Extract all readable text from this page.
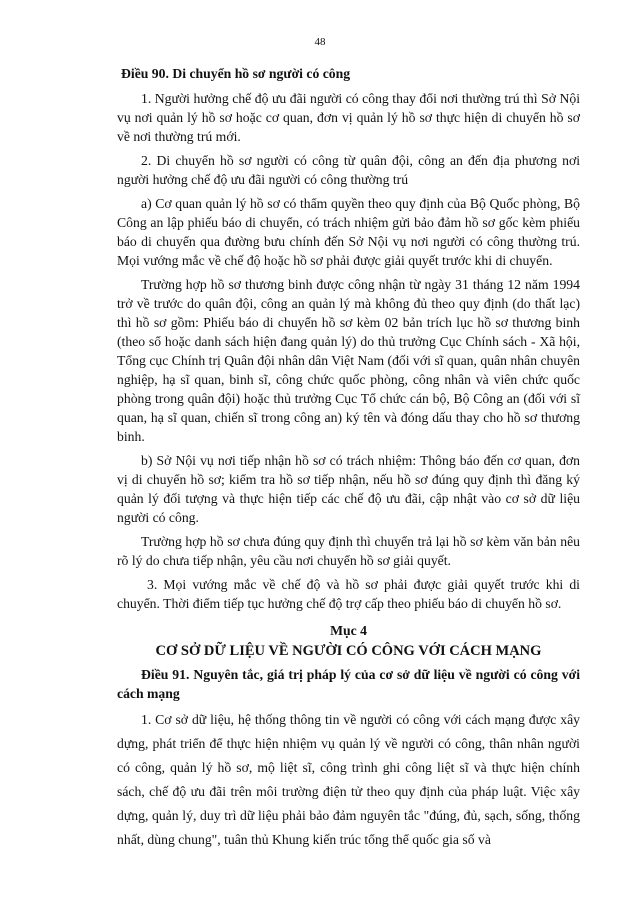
48

Điều 90. Di chuyển hồ sơ người có công

1. Người hưởng chế độ ưu đãi người có công thay đổi nơi thường trú thì Sở Nội vụ nơi quản lý hồ sơ hoặc cơ quan, đơn vị quản lý hồ sơ thực hiện di chuyển hồ sơ về nơi thường trú mới.

2. Di chuyển hồ sơ người có công từ quân đội, công an đến địa phương nơi người hưởng chế độ ưu đãi người có công thường trú

a) Cơ quan quản lý hồ sơ có thẩm quyền theo quy định của Bộ Quốc phòng, Bộ Công an lập phiếu báo di chuyển, có trách nhiệm gửi bảo đảm hồ sơ gốc kèm phiếu báo di chuyển qua đường bưu chính đến Sở Nội vụ nơi người có công thường trú. Mọi vướng mắc về chế độ hoặc hồ sơ phải được giải quyết trước khi di chuyển.

Trường hợp hồ sơ thương binh được công nhận từ ngày 31 tháng 12 năm 1994 trở về trước do quân đội, công an quản lý mà không đủ theo quy định (do thất lạc) thì hồ sơ gồm: Phiếu báo di chuyển hồ sơ kèm 02 bản trích lục hồ sơ thương binh (theo sổ hoặc danh sách hiện đang quản lý) do thủ trưởng Cục Chính sách - Xã hội, Tổng cục Chính trị Quân đội nhân dân Việt Nam (đối với sĩ quan, quân nhân chuyên nghiệp, hạ sĩ quan, binh sĩ, công chức quốc phòng, công nhân và viên chức quốc phòng trong quân đội) hoặc thủ trưởng Cục Tổ chức cán bộ, Bộ Công an (đối với sĩ quan, hạ sĩ quan, chiến sĩ trong công an) ký tên và đóng dấu thay cho hồ sơ thương binh.

b) Sở Nội vụ nơi tiếp nhận hồ sơ có trách nhiệm: Thông báo đến cơ quan, đơn vị di chuyển hồ sơ; kiểm tra hồ sơ tiếp nhận, nếu hồ sơ đúng quy định thì đăng ký quản lý đối tượng và thực hiện tiếp các chế độ ưu đãi, cập nhật vào cơ sở dữ liệu người có công.

Trường hợp hồ sơ chưa đúng quy định thì chuyển trả lại hồ sơ kèm văn bản nêu rõ lý do chưa tiếp nhận, yêu cầu nơi chuyển hồ sơ giải quyết.

3. Mọi vướng mắc về chế độ và hồ sơ phải được giải quyết trước khi di chuyển. Thời điểm tiếp tục hưởng chế độ trợ cấp theo phiếu báo di chuyển hồ sơ.

Mục 4

CƠ SỞ DỮ LIỆU VỀ NGƯỜI CÓ CÔNG VỚI CÁCH MẠNG

Điều 91. Nguyên tắc, giá trị pháp lý của cơ sở dữ liệu về người có công với cách mạng

1. Cơ sở dữ liệu, hệ thống thông tin về người có công với cách mạng được xây dựng, phát triển để thực hiện nhiệm vụ quản lý về người có công, thân nhân người có công, quản lý hồ sơ, mộ liệt sĩ, công trình ghi công liệt sĩ và thực hiện chính sách, chế độ ưu đãi trên môi trường điện tử theo quy định của pháp luật. Việc xây dựng, quản lý, duy trì dữ liệu phải bảo đảm nguyên tắc "đúng, đủ, sạch, sống, thống nhất, dùng chung", tuân thủ Khung kiến trúc tổng thể quốc gia số và
